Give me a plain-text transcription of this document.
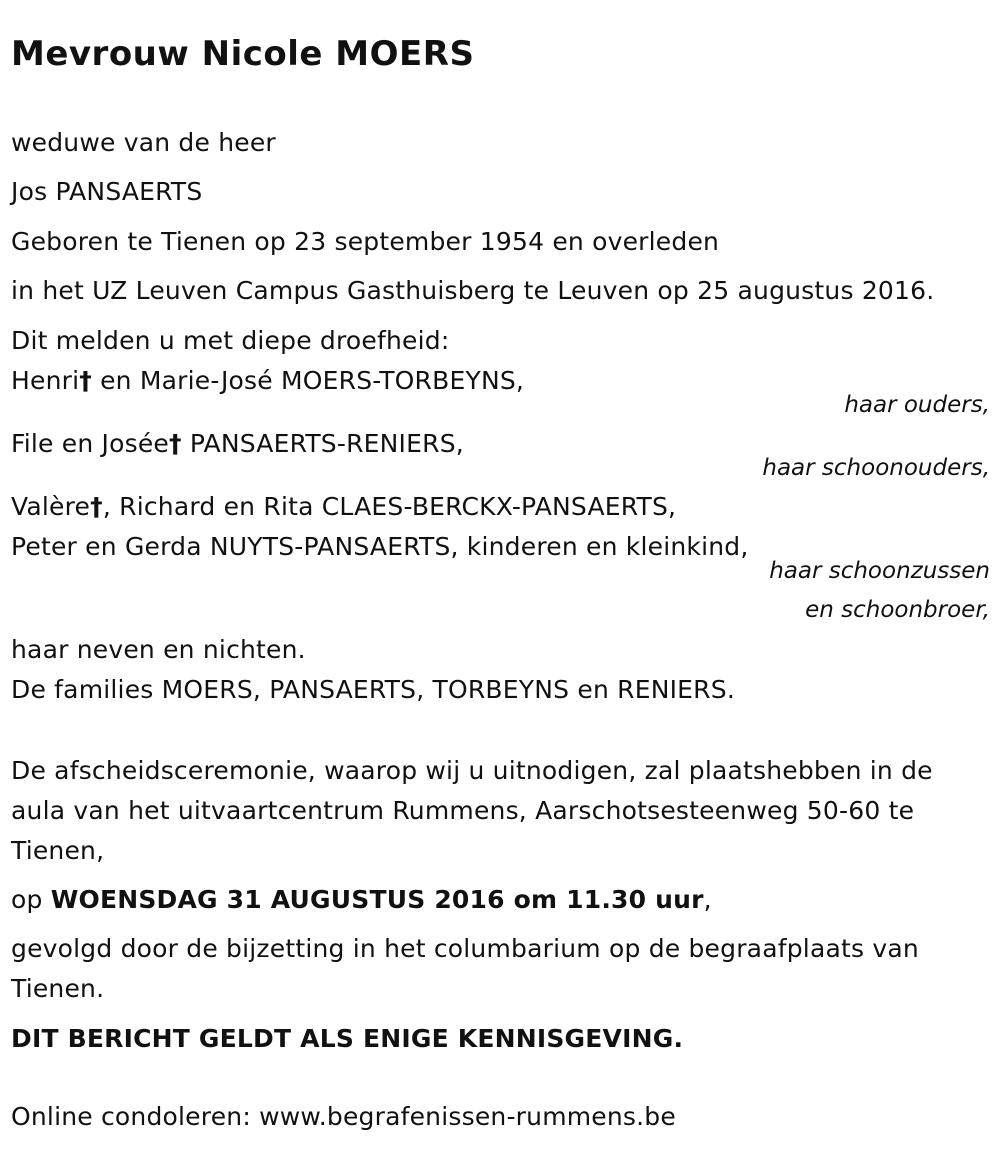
Mevrouw Nicole MOERS
weduwe van de heer
Jos PANSAERTS
Geboren te Tienen op 23 september 1954 en overleden
in het UZ Leuven Campus Gasthuisberg te Leuven op 25 augustus 2016.
Dit melden u met diepe droefheid:
Henri† en Marie-José MOERS-TORBEYNS,
haar ouders,
File en Josée† PANSAERTS-RENIERS,
haar schoonouders,
Valère†, Richard en Rita CLAES-BERCKX-PANSAERTS,
Peter en Gerda NUYTS-PANSAERTS, kinderen en kleinkind,
haar schoonzussen
en schoonbroer,
haar neven en nichten.
De families MOERS, PANSAERTS, TORBEYNS en RENIERS.
De afscheidsceremonie, waarop wij u uitnodigen, zal plaatshebben in de aula van het uitvaartcentrum Rummens, Aarschotsesteenweg 50-60 te Tienen,
op WOENSDAG 31 AUGUSTUS 2016 om 11.30 uur,
gevolgd door de bijzetting in het columbarium op de begraafplaats van Tienen.
DIT BERICHT GELDT ALS ENIGE KENNISGEVING.
Online condoleren: www.begrafenissen-rummens.be
